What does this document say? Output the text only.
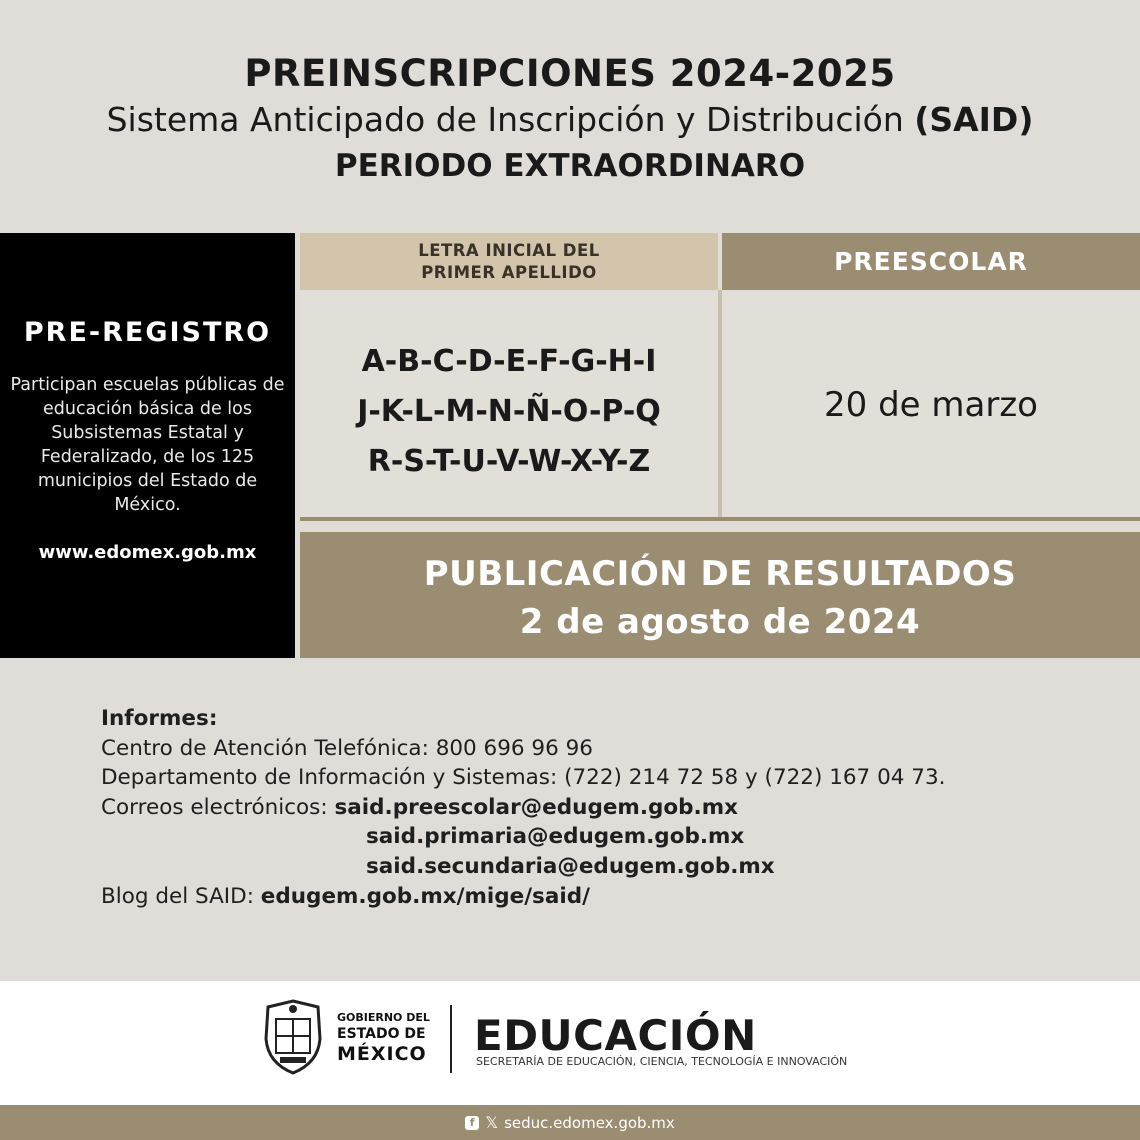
PREINSCRIPCIONES 2024-2025
Sistema Anticipado de Inscripción y Distribución (SAID)
PERIODO EXTRAORDINARO
PRE-REGISTRO
Participan escuelas públicas de educación básica de los Subsistemas Estatal y Federalizado, de los 125 municipios del Estado de México.
www.edomex.gob.mx
LETRA INICIAL DEL
PRIMER APELLIDO	PREESCOLAR
A-B-C-D-E-F-G-H-I
J-K-L-M-N-Ñ-O-P-Q
R-S-T-U-V-W-X-Y-Z
20 de marzo
PUBLICACIÓN DE RESULTADOS
2 de agosto de 2024
Informes:
Centro de Atención Telefónica: 800 696 96 96
Departamento de Información y Sistemas: (722) 214 72 58 y (722) 167 04 73.
Correos electrónicos: said.preescolar@edugem.gob.mx
said.primaria@edugem.gob.mx
said.secundaria@edugem.gob.mx
Blog del SAID: edugem.gob.mx/mige/said/
GOBIERNO DEL
ESTADO DE
MÉXICO EDUCACIÓN
SECRETARÍA DE EDUCACIÓN, CIENCIA, TECNOLOGÍA E INNOVACIÓN
f 𝕏 seduc.edomex.gob.mx
